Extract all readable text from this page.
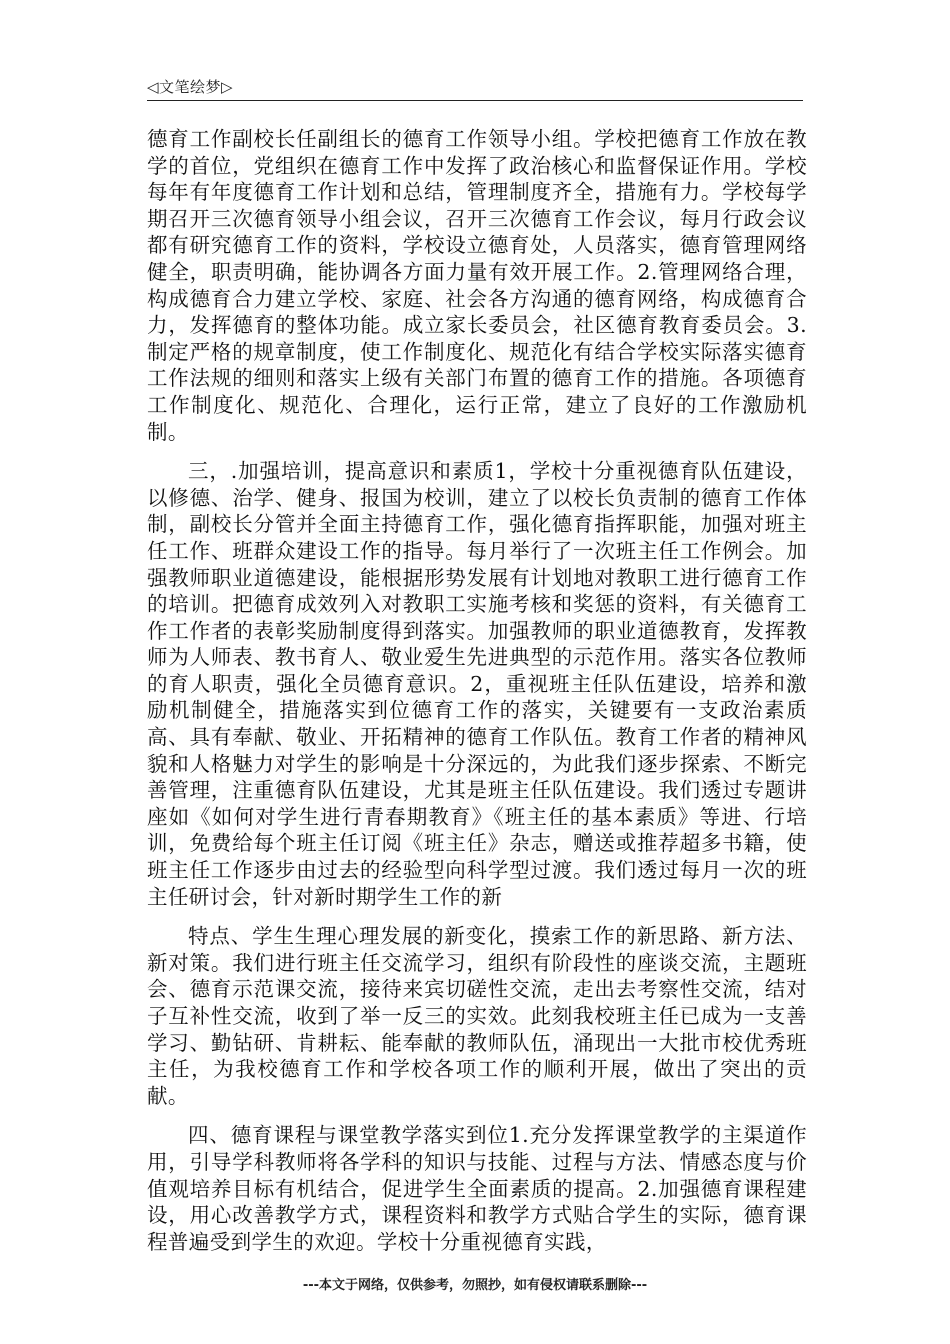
◁文笔绘梦▷

德育工作副校长任副组长的德育工作领导小组。学校把德育工作放在教学的首位，党组织在德育工作中发挥了政治核心和监督保证作用。学校每年有年度德育工作计划和总结，管理制度齐全，措施有力。学校每学期召开三次德育领导小组会议，召开三次德育工作会议，每月行政会议都有研究德育工作的资料，学校设立德育处，人员落实，德育管理网络健全，职责明确，能协调各方面力量有效开展工作。2.管理网络合理，构成德育合力建立学校、家庭、社会各方沟通的德育网络，构成德育合力，发挥德育的整体功能。成立家长委员会，社区德育教育委员会。3.制定严格的规章制度，使工作制度化、规范化有结合学校实际落实德育工作法规的细则和落实上级有关部门布置的德育工作的措施。各项德育工作制度化、规范化、合理化，运行正常，建立了良好的工作激励机制。

三，.加强培训，提高意识和素质1，学校十分重视德育队伍建设，以修德、治学、健身、报国为校训，建立了以校长负责制的德育工作体制，副校长分管并全面主持德育工作，强化德育指挥职能，加强对班主任工作、班群众建设工作的指导。每月举行了一次班主任工作例会。加强教师职业道德建设，能根据形势发展有计划地对教职工进行德育工作的培训。把德育成效列入对教职工实施考核和奖惩的资料，有关德育工作工作者的表彰奖励制度得到落实。加强教师的职业道德教育，发挥教师为人师表、教书育人、敬业爱生先进典型的示范作用。落实各位教师的育人职责，强化全员德育意识。2，重视班主任队伍建设，培养和激励机制健全，措施落实到位德育工作的落实，关键要有一支政治素质高、具有奉献、敬业、开拓精神的德育工作队伍。教育工作者的精神风貌和人格魅力对学生的影响是十分深远的，为此我们逐步探索、不断完善管理，注重德育队伍建设，尤其是班主任队伍建设。我们透过专题讲座如《如何对学生进行青春期教育》《班主任的基本素质》等进、行培训，免费给每个班主任订阅《班主任》杂志，赠送或推荐超多书籍，使班主任工作逐步由过去的经验型向科学型过渡。我们透过每月一次的班主任研讨会，针对新时期学生工作的新

特点、学生生理心理发展的新变化，摸索工作的新思路、新方法、新对策。我们进行班主任交流学习，组织有阶段性的座谈交流，主题班会、德育示范课交流，接待来宾切磋性交流，走出去考察性交流，结对子互补性交流，收到了举一反三的实效。此刻我校班主任已成为一支善学习、勤钻研、肯耕耘、能奉献的教师队伍，涌现出一大批市校优秀班主任，为我校德育工作和学校各项工作的顺利开展，做出了突出的贡献。

四、德育课程与课堂教学落实到位1.充分发挥课堂教学的主渠道作用，引导学科教师将各学科的知识与技能、过程与方法、情感态度与价值观培养目标有机结合，促进学生全面素质的提高。2.加强德育课程建设，用心改善教学方式，课程资料和教学方式贴合学生的实际，德育课程普遍受到学生的欢迎。学校十分重视德育实践，

---本文于网络，仅供参考，勿照抄，如有侵权请联系删除---
